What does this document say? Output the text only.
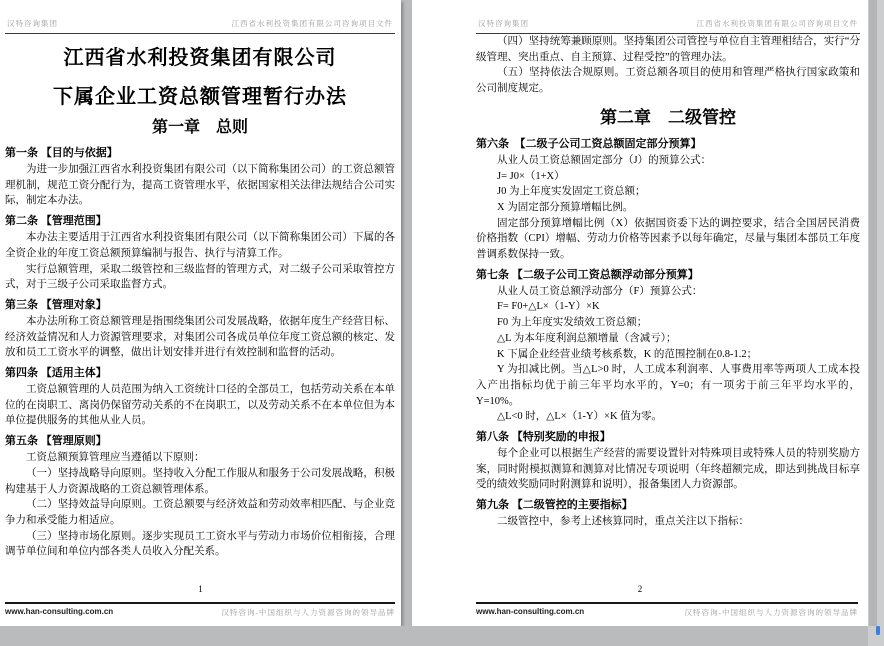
汉特咨询集团	江西省水利投资集团有限公司咨询项目文件
江西省水利投资集团有限公司
下属企业工资总额管理暂行办法
第一章　总则

第一条 【目的与依据】

为进一步加强江西省水利投资集团有限公司（以下简称集团公司）的工资总额管理机制，规范工资分配行为，提高工资管理水平，依据国家相关法律法规结合公司实际，制定本办法。

第二条 【管理范围】

本办法主要适用于江西省水利投资集团有限公司（以下简称集团公司）下属的各全资企业的年度工资总额预算编制与报告、执行与清算工作。

实行总额管理，采取二级管控和三级监督的管理方式，对二级子公司采取管控方式，对于三级子公司采取监督方式。

第三条 【管理对象】

本办法所称工资总额管理是指围绕集团公司发展战略，依据年度生产经营目标、经济效益情况和人力资源管理要求，对集团公司各成员单位年度工资总额的核定、发放和员工工资水平的调整，做出计划安排并进行有效控制和监督的活动。

第四条 【适用主体】

工资总额管理的人员范围为纳入工资统计口径的全部员工，包括劳动关系在本单位的在岗职工、离岗仍保留劳动关系的不在岗职工，以及劳动关系不在本单位但为本单位提供服务的其他从业人员。

第五条 【管理原则】

工资总额预算管理应当遵循以下原则：

（一）坚持战略导向原则。坚持收入分配工作服从和服务于公司发展战略，积极构建基于人力资源战略的工资总额管理体系。

（二）坚持效益导向原则。工资总额要与经济效益和劳动效率相匹配、与企业竞争力和承受能力相适应。

（三）坚持市场化原则。逐步实现员工工资水平与劳动力市场价位相衔接，合理调节单位间和单位内部各类人员收入分配关系。

1
www.han-consulting.com.cn	汉特咨询-中国组织与人力资源咨询的领导品牌
汉特咨询集团	江西省水利投资集团有限公司咨询项目文件

（四）坚持统筹兼顾原则。坚持集团公司管控与单位自主管理相结合，实行“分级管理、突出重点、自主预算、过程受控”的管理办法。

（五）坚持依法合规原则。工资总额各项目的使用和管理严格执行国家政策和公司制度规定。

第二章　二级管控

第六条　【二级子公司工资总额固定部分预算】

从业人员工资总额固定部分（J）的预算公式：

J= J0×（1+X）

J0 为上年度实发固定工资总额；

X 为固定部分预算增幅比例。

固定部分预算增幅比例（X）依据国资委下达的调控要求，结合全国居民消费价格指数（CPI）增幅、劳动力价格等因素予以每年确定，尽量与集团本部员工年度普调系数保持一致。

第七条 【二级子公司工资总额浮动部分预算】

从业人员工资总额浮动部分（F）预算公式：

F= F0+△L×（1-Y）×K

F0 为上年度实发绩效工资总额；

△L 为本年度利润总额增量（含减亏）；

K 下属企业经营业绩考核系数，K 的范围控制在0.8-1.2；

Y 为扣减比例。当△L>0 时，人工成本利润率、人事费用率等两项人工成本投入产出指标均优于前三年平均水平的，Y=0；有一项劣于前三年平均水平的，Y=10%。

△L<0 时，△L×（1-Y）×K 值为零。

第八条 【特别奖励的申报】

每个企业可以根据生产经营的需要设置针对特殊项目或特殊人员的特别奖励方案，同时附模拟测算和测算对比情况专项说明（年终超额完成，即达到挑战目标享受的绩效奖励同时附测算和说明），报备集团人力资源部。

第九条 【二级管控的主要指标】

二级管控中，参考上述核算同时，重点关注以下指标：

2
www.han-consulting.com.cn	汉特咨询-中国组织与人力资源咨询的领导品牌
